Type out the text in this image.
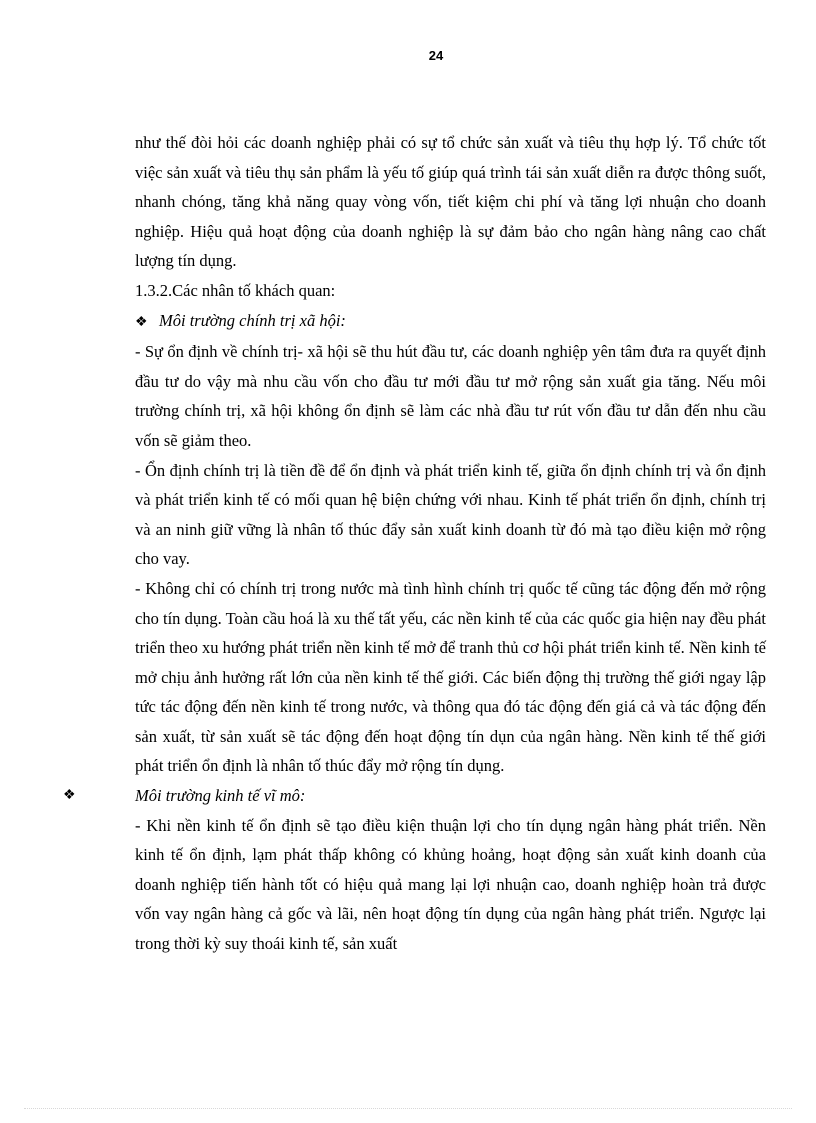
24

như thế đòi hỏi các doanh nghiệp phải có sự tổ chức sản xuất và tiêu thụ hợp lý. Tổ chức tốt việc sản xuất và tiêu thụ sản phẩm là yếu tố giúp quá trình tái sản xuất diễn ra được thông suốt, nhanh chóng, tăng khả năng quay vòng vốn, tiết kiệm chi phí và tăng lợi nhuận cho doanh nghiệp. Hiệu quả hoạt động của doanh nghiệp là sự đảm bảo cho ngân hàng nâng cao chất lượng tín dụng.

1.3.2.Các nhân tố khách quan:

❖ Môi trường chính trị xã hội:

- Sự ổn định về chính trị- xã hội sẽ thu hút đầu tư, các doanh nghiệp yên tâm đưa ra quyết định đầu tư do vậy mà nhu cầu vốn cho đầu tư mới đầu tư mở rộng sản xuất gia tăng. Nếu môi trường chính trị, xã hội không ổn định sẽ làm các nhà đầu tư rút vốn đầu tư dẫn đến nhu cầu vốn sẽ giảm theo.

- Ổn định chính trị là tiền đề để ổn định và phát triển kinh tế, giữa ổn định chính trị và ổn định và phát triển kinh tế có mối quan hệ biện chứng với nhau. Kinh tế phát triển ổn định, chính trị và an ninh giữ vững là nhân tố thúc đẩy sản xuất kinh doanh từ đó mà tạo điều kiện mở rộng cho vay.

- Không chỉ có chính trị trong nước mà tình hình chính trị quốc tế cũng tác động đến mở rộng cho tín dụng. Toàn cầu hoá là xu thế tất yếu, các nền kinh tế của các quốc gia hiện nay đều phát triển theo xu hướng phát triển nền kinh tế mở để tranh thủ cơ hội phát triển kinh tế. Nền kinh tế mở chịu ảnh hưởng rất lớn của nền kinh tế thế giới. Các biến động thị trường thế giới ngay lập tức tác động đến nền kinh tế trong nước, và thông qua đó tác động đến giá cả và tác động đến sản xuất, từ sản xuất sẽ tác động đến hoạt động tín dụn của ngân hàng. Nền kinh tế thế giới phát triển ổn định là nhân tố thúc đẩy mở rộng tín dụng.

❖	Môi trường kinh tế vĩ mô:

- Khi nền kinh tế ổn định sẽ tạo điều kiện thuận lợi cho tín dụng ngân hàng phát triển. Nền kinh tế ổn định, lạm phát thấp không có khủng hoảng, hoạt động sản xuất kinh doanh của doanh nghiệp tiến hành tốt có hiệu quả mang lại lợi nhuận cao, doanh nghiệp hoàn trả được vốn vay ngân hàng cả gốc và lãi, nên hoạt động tín dụng của ngân hàng phát triển. Ngược lại trong thời kỳ suy thoái kinh tế, sản xuất
